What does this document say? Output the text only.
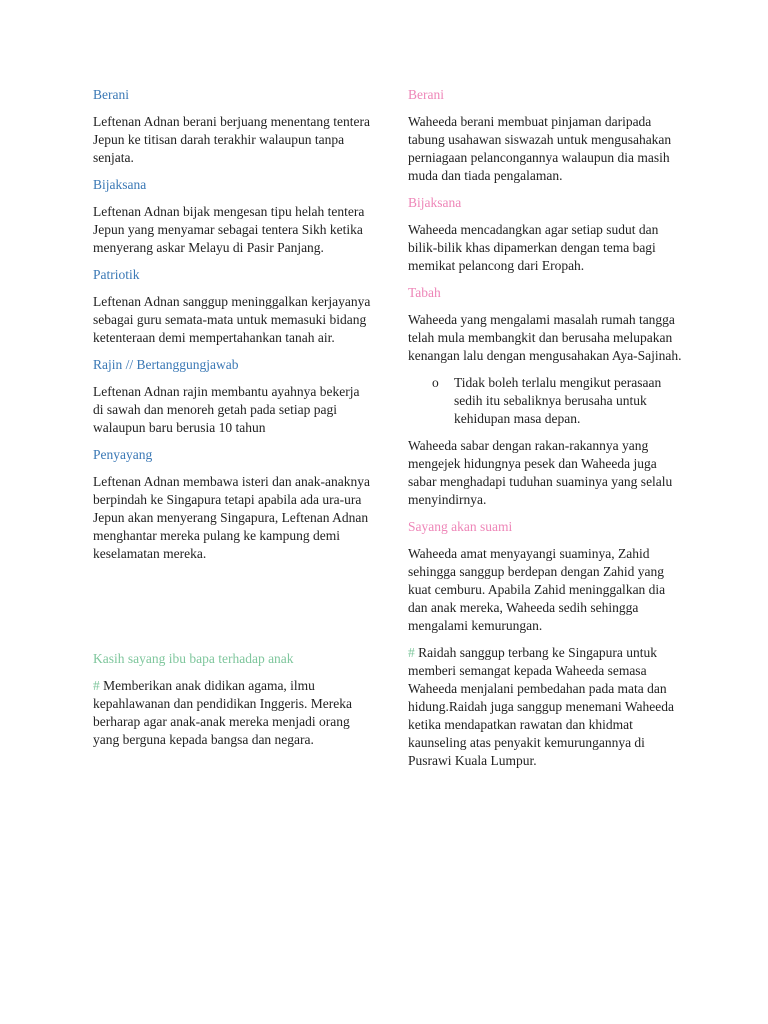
Berani
Leftenan Adnan berani berjuang menentang tentera Jepun ke titisan darah terakhir walaupun tanpa senjata.
Bijaksana
Leftenan Adnan bijak mengesan tipu helah tentera Jepun yang menyamar sebagai tentera Sikh ketika menyerang askar Melayu di Pasir Panjang.
Patriotik
Leftenan Adnan sanggup meninggalkan kerjayanya sebagai guru semata-mata untuk memasuki bidang ketenteraan demi mempertahankan tanah air.
Rajin // Bertanggungjawab
Leftenan Adnan rajin membantu ayahnya bekerja di sawah dan menoreh getah pada setiap pagi walaupun baru berusia 10 tahun
Penyayang
Leftenan Adnan membawa isteri dan anak-anaknya berpindah ke Singapura tetapi apabila ada ura-ura Jepun akan menyerang Singapura, Leftenan Adnan menghantar mereka pulang ke kampung demi keselamatan mereka.
Kasih sayang ibu bapa terhadap anak
# Memberikan anak didikan agama, ilmu kepahlawanan dan pendidikan Inggeris. Mereka berharap agar anak-anak mereka menjadi orang yang berguna kepada bangsa dan negara.
Berani
Waheeda berani membuat pinjaman daripada tabung usahawan siswazah untuk mengusahakan perniagaan pelancongannya walaupun dia masih muda dan tiada pengalaman.
Bijaksana
Waheeda mencadangkan agar setiap sudut dan bilik-bilik khas dipamerkan dengan tema bagi memikat pelancong dari Eropah.
Tabah
Waheeda yang mengalami masalah rumah tangga telah mula membangkit dan berusaha melupakan kenangan lalu dengan mengusahakan Aya-Sajinah.
o	Tidak boleh terlalu mengikut perasaan sedih itu sebaliknya berusaha untuk kehidupan masa depan.
Waheeda sabar dengan rakan-rakannya yang mengejek hidungnya pesek dan Waheeda juga sabar menghadapi tuduhan suaminya yang selalu menyindirnya.
Sayang akan suami
Waheeda amat menyayangi suaminya, Zahid sehingga sanggup berdepan dengan Zahid yang kuat cemburu. Apabila Zahid meninggalkan dia dan anak mereka, Waheeda sedih sehingga mengalami kemurungan.
# Raidah sanggup terbang ke Singapura untuk memberi semangat kepada Waheeda semasa Waheeda menjalani pembedahan pada mata dan hidung.Raidah juga sanggup menemani Waheeda ketika mendapatkan rawatan dan khidmat kaunseling atas penyakit kemurungannya di Pusrawi Kuala Lumpur.
